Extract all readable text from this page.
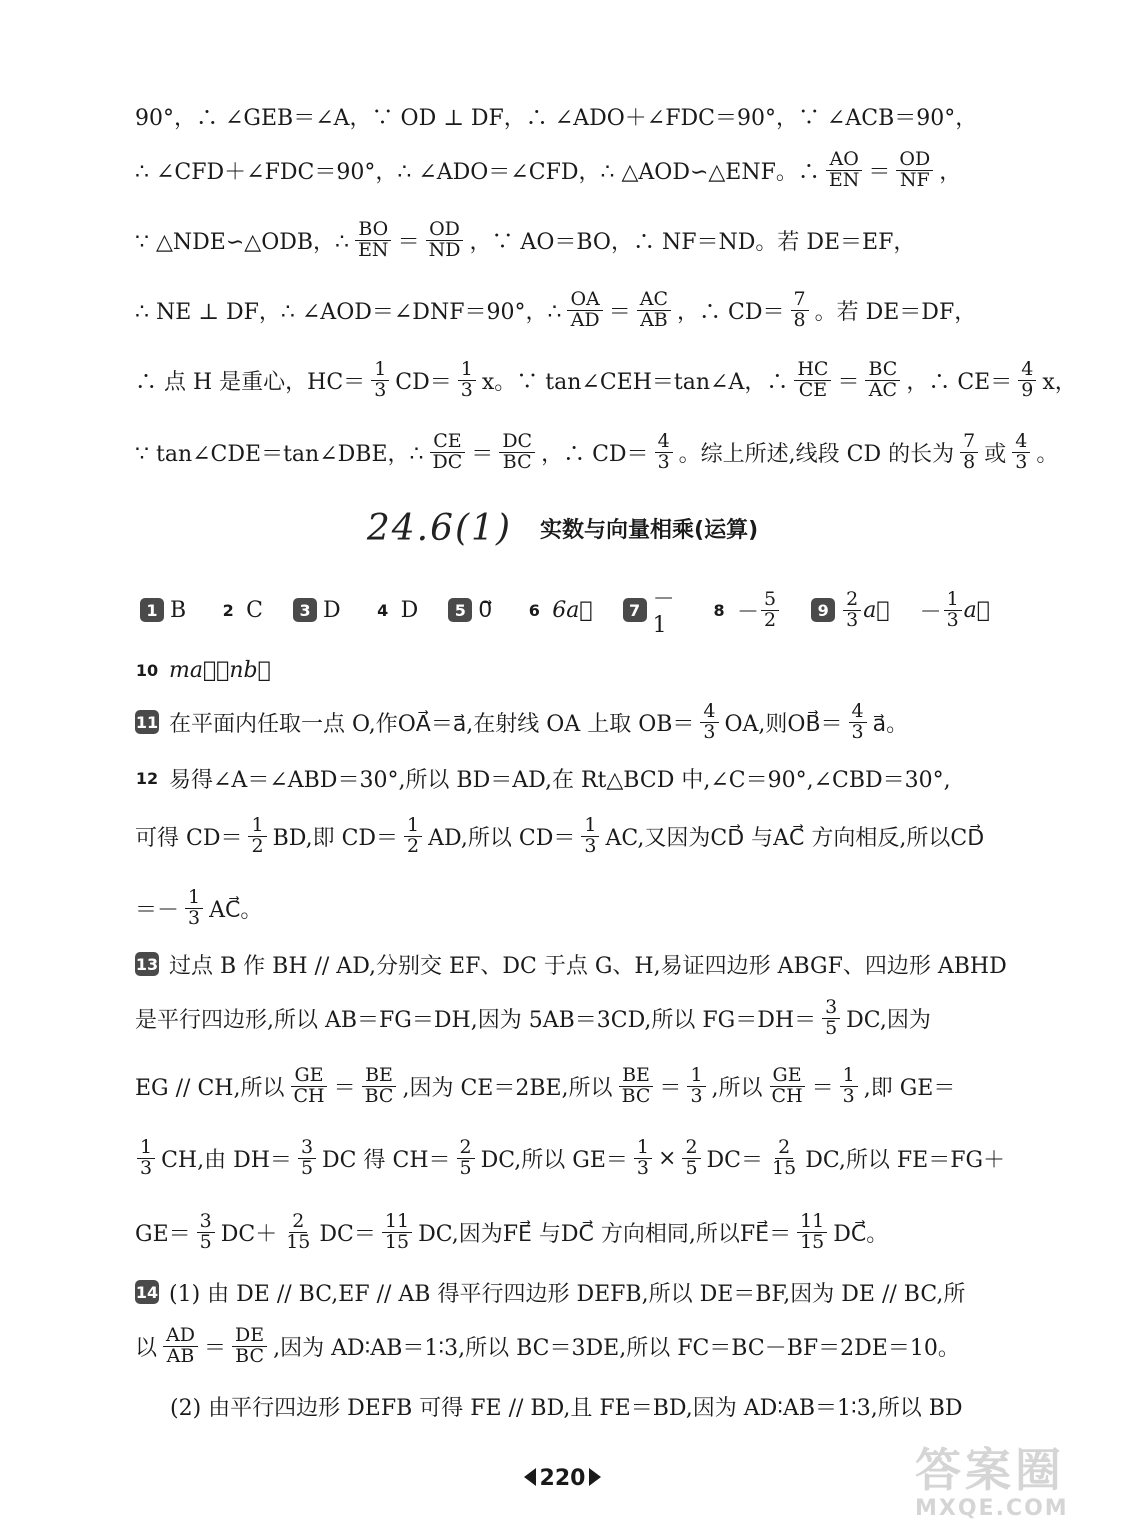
90°，∴ ∠GEB＝∠A，∵ OD ⊥ DF，∴ ∠ADO＋∠FDC＝90°，∵ ∠ACB＝90°，
∴ ∠CFD＋∠FDC＝90°，∴ ∠ADO＝∠CFD，∴ △AOD∽△ENF。∴ $\frac{AO}{EN} = \frac{OD}{NF}$ ，
∵ △NDE∽△ODB，∴ $\frac{BO}{EN} = \frac{OD}{ND}$ ，∵ AO＝BO，∴ NF＝ND。若 DE＝EF，
∴ NE ⊥ DF，∴ ∠AOD＝∠DNF＝90°，∴ $\frac{OA}{AD} = \frac{AC}{AB}$ ，∴ $CD= \frac{7}{8}$ 。若 DE＝DF，
∴ 点 H 是重心，$HC= \frac{1}{3} CD= \frac{1}{3}$ x。∵ tan∠CEH＝tan∠A，∴ $\frac{HC}{CE} = \frac{BC}{AC}$ ，∴ $CE= \frac{4}{9}$ x，
∵ tan∠CDE＝tan∠DBE，∴ $\frac{CE}{DC} = \frac{DC}{BC}$ ，∴ $CD= \frac{4}{3}$ 。综上所述,线段 CD 的长为 $\frac{7}{8}$ 或 $\frac{4}{3}$ 。
24.6(1) 实数与向量相乘(运算)
1 B	2 C	3 D	4 D	5 0⃗	6 6a⃗	7 －1
$8 - \frac{5}{2}$	$9 \frac{2}{3}$ a⃗ － $\frac{1}{3}$ a⃗
10 ma⃗＋nb⃗
11 在平面内任取一点 O,作OA⃗＝a⃗,在射线 OA 上取 $OB= \frac{4}{3}$ OA,则OB⃗＝ $\frac{4}{3}$ a⃗。
12 易得∠A＝∠ABD＝30°,所以 BD＝AD,在 Rt△BCD 中,∠C＝90°,∠CBD＝30°,
可得 $CD= \frac{1}{2}$ BD,即 $CD= \frac{1}{2}$ AD,所以 $CD= \frac{1}{3}$ AC,又因为CD⃗ 与AC⃗ 方向相反,所以CD⃗
＝－ $\frac{1}{3}$ AC⃗。
13 过点 B 作 BH // AD,分别交 EF、DC 于点 G、H,易证四边形 ABGF、四边形 ABHD
是平行四边形,所以 AB＝FG＝DH,因为 5AB＝3CD,所以 $FG=DH= \frac{3}{5}$ DC,因为
EG // CH,所以 $\frac{GE}{CH} = \frac{BE}{BC}$ ,因为 CE＝2BE,所以 $\frac{BE}{BC} = \frac{1}{3}$ ,所以 $\frac{GE}{CH} = \frac{1}{3}$ ,即 GE＝
$\frac{1}{3}$ CH,由 $DH= \frac{3}{5}$ DC 得 $CH= \frac{2}{5}$ DC,所以 $GE= \frac{1}{3} \times \frac{2}{5} DC= \frac{2}{15}$ DC,所以 FE＝FG＋
$GE= \frac{3}{5} DC+ \frac{2}{15} DC= \frac{11}{15}$ DC,因为FE⃗ 与DC⃗ 方向相同,所以FE⃗＝ $\frac{11}{15}$ DC⃗。
14 (1) 由 DE // BC,EF // AB 得平行四边形 DEFB,所以 DE＝BF,因为 DE // BC,所
以 $\frac{AD}{AB} = \frac{DE}{BC}$ ,因为 AD∶AB＝1∶3,所以 BC＝3DE,所以 FC＝BC－BF＝2DE＝10。
(2) 由平行四边形 DEFB 可得 FE // BD,且 FE＝BD,因为 AD∶AB＝1∶3,所以 BD
220	答案圈
MXQE.COM
